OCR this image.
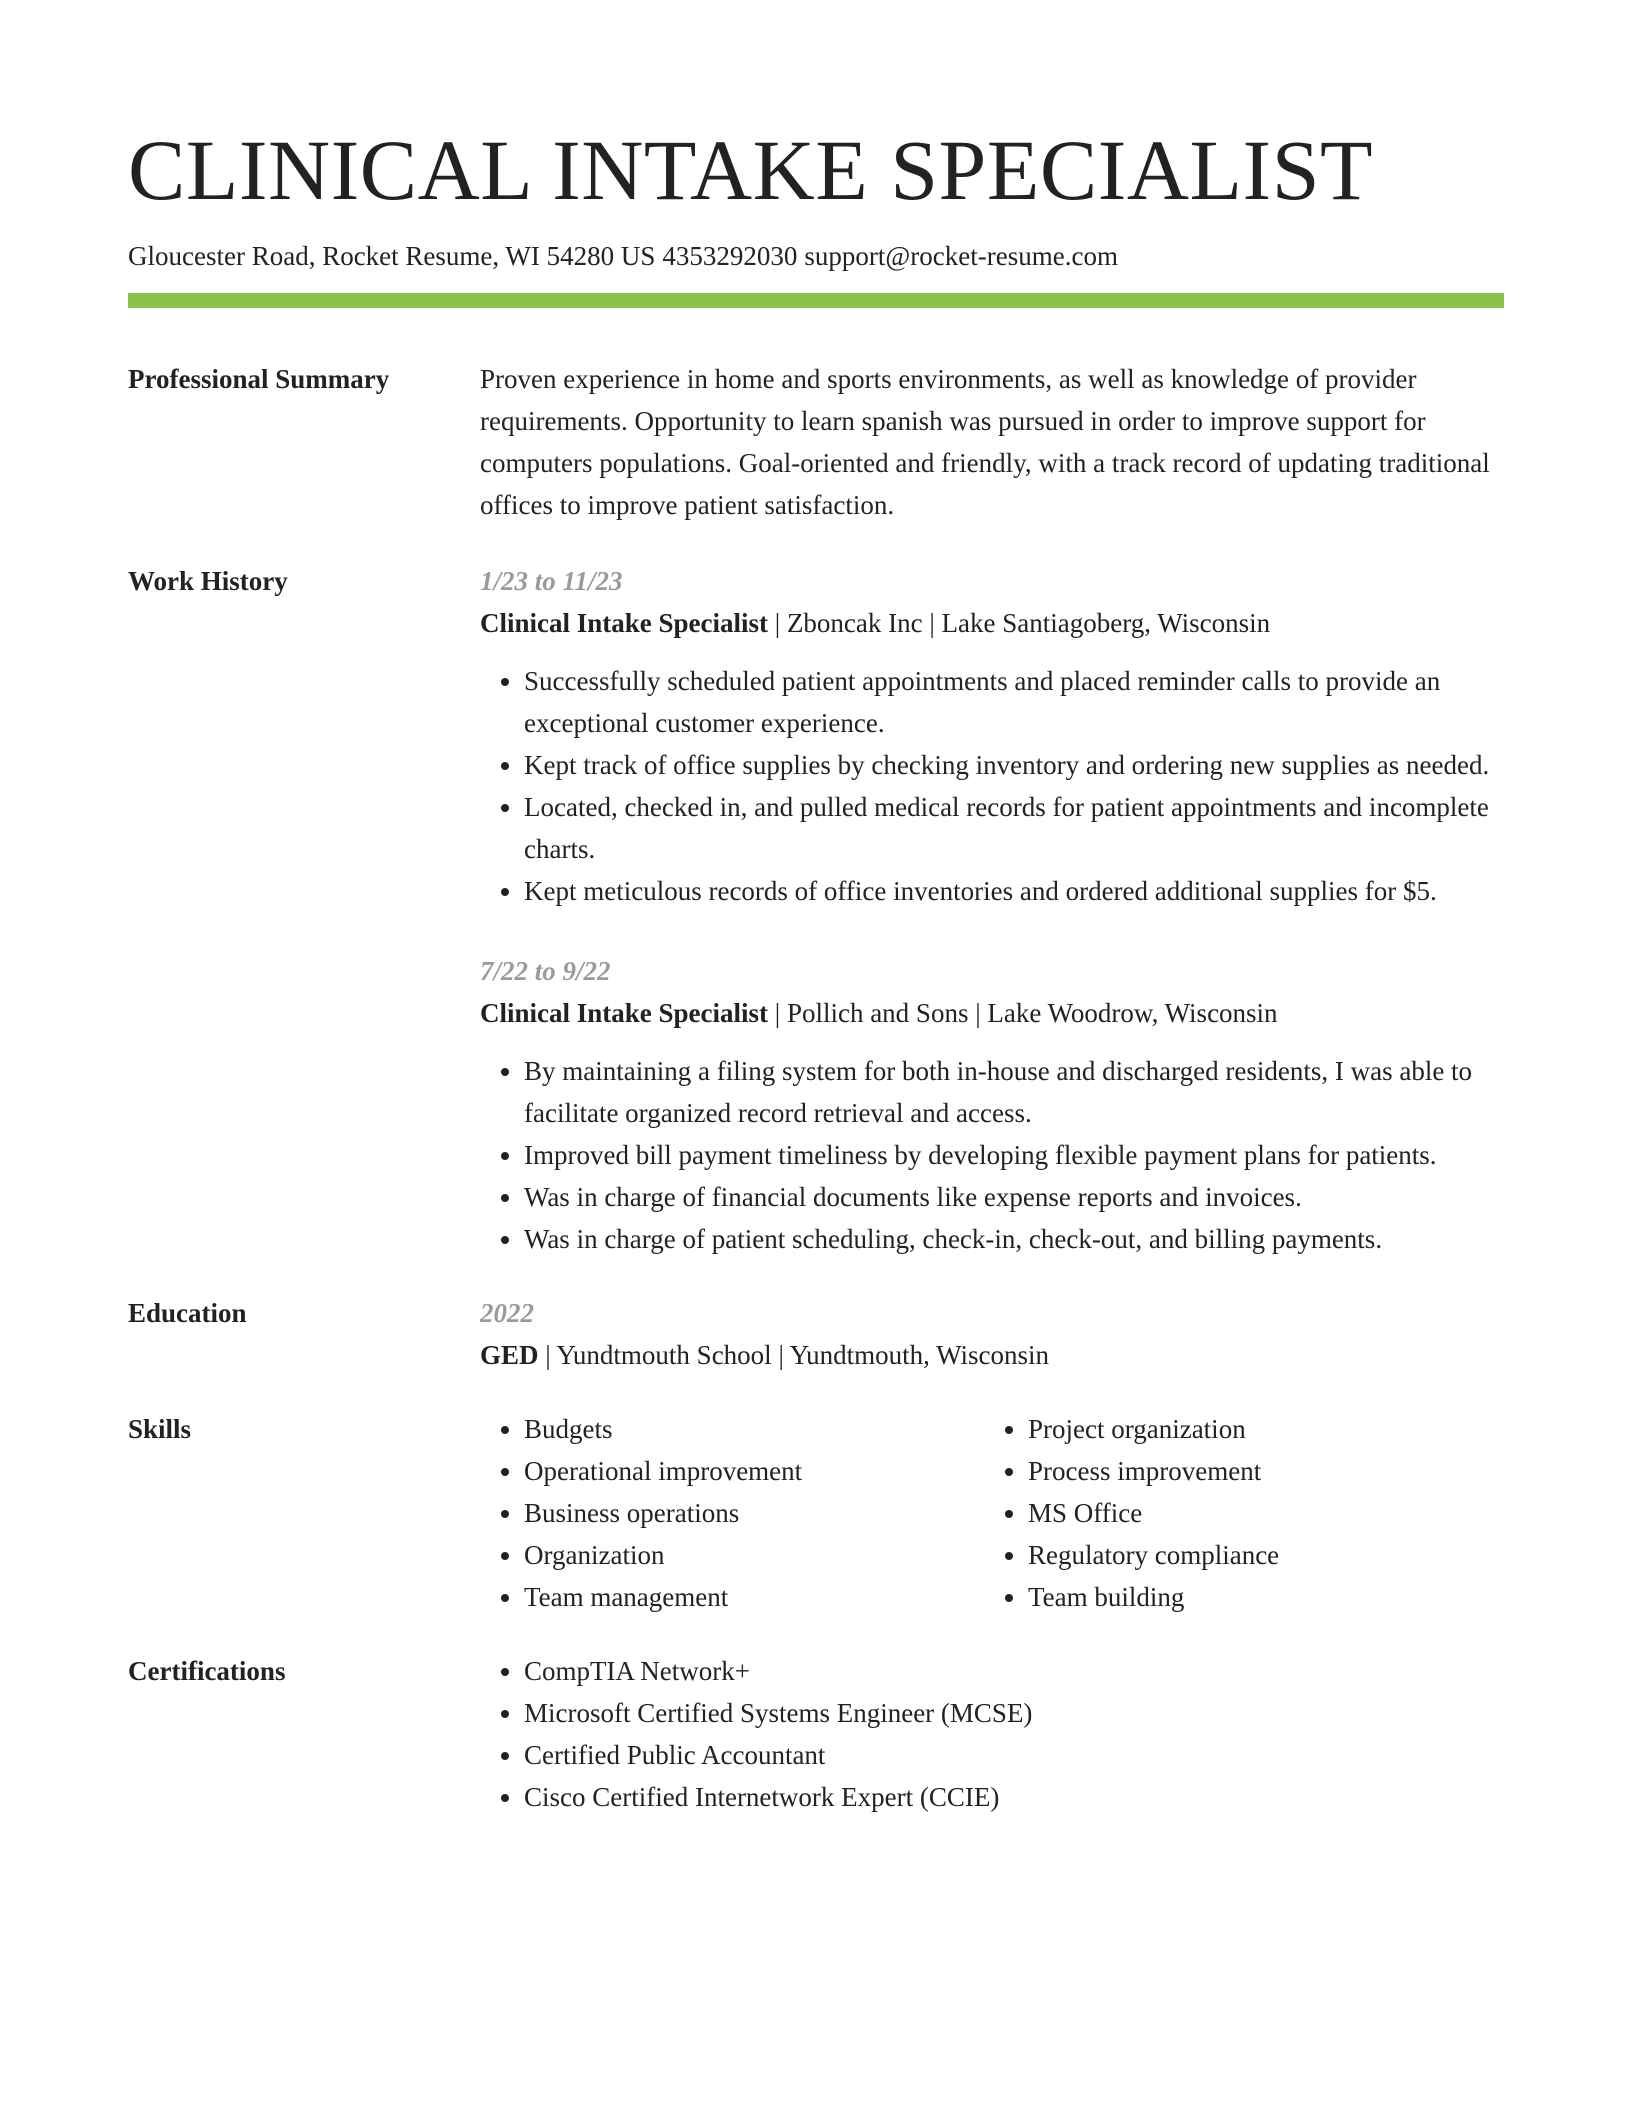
CLINICAL INTAKE SPECIALIST
Gloucester Road, Rocket Resume, WI 54280 US 4353292030 support@rocket-resume.com
Professional Summary	Proven experience in home and sports environments, as well as knowledge of provider requirements. Opportunity to learn spanish was pursued in order to improve support for computers populations. Goal-oriented and friendly, with a track record of updating traditional offices to improve patient satisfaction.
Work History	1/23 to 11/23
Clinical Intake Specialist | Zboncak Inc | Lake Santiagoberg, Wisconsin
• Successfully scheduled patient appointments and placed reminder calls to provide an exceptional customer experience.
• Kept track of office supplies by checking inventory and ordering new supplies as needed.
• Located, checked in, and pulled medical records for patient appointments and incomplete charts.
• Kept meticulous records of office inventories and ordered additional supplies for $5.
7/22 to 9/22
Clinical Intake Specialist | Pollich and Sons | Lake Woodrow, Wisconsin
• By maintaining a filing system for both in-house and discharged residents, I was able to facilitate organized record retrieval and access.
• Improved bill payment timeliness by developing flexible payment plans for patients.
• Was in charge of financial documents like expense reports and invoices.
• Was in charge of patient scheduling, check-in, check-out, and billing payments.
Education	2022
GED | Yundtmouth School | Yundtmouth, Wisconsin
Skills	• Budgets
• Operational improvement
• Business operations
• Organization
• Team management
• Project organization
• Process improvement
• MS Office
• Regulatory compliance
• Team building
Certifications	• CompTIA Network+
• Microsoft Certified Systems Engineer (MCSE)
• Certified Public Accountant
• Cisco Certified Internetwork Expert (CCIE)
